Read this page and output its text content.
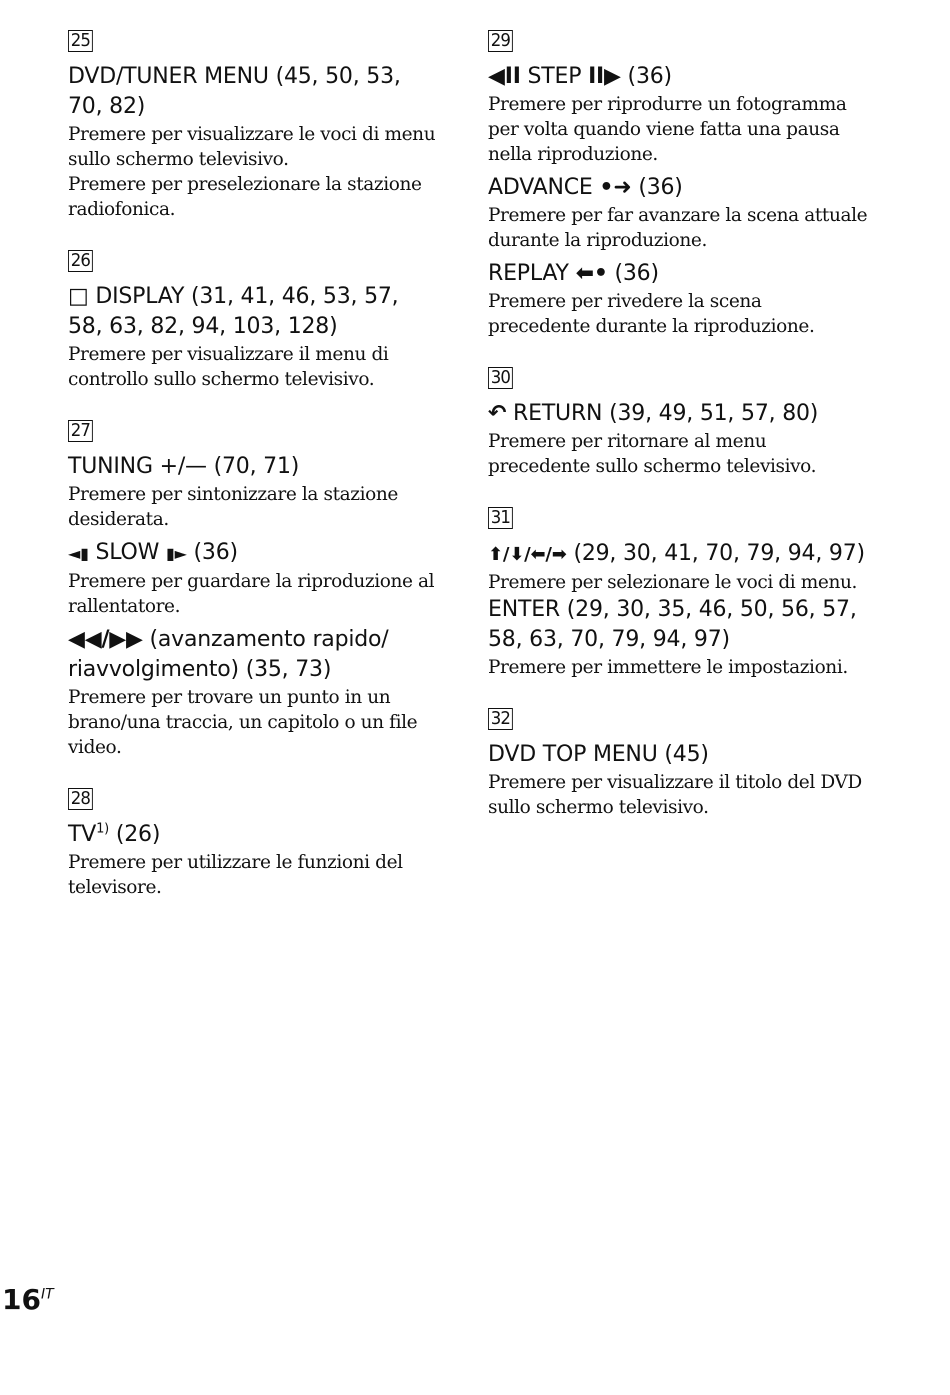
25

DVD/TUNER MENU (45, 50, 53, 70, 82)

Premere per visualizzare le voci di menu sullo schermo televisivo.

Premere per preselezionare la stazione radiofonica.

26

□ DISPLAY (31, 41, 46, 53, 57, 58, 63, 82, 94, 103, 128)

Premere per visualizzare il menu di controllo sullo schermo televisivo.

27

TUNING +/— (70, 71)

Premere per sintonizzare la stazione desiderata.

◄▮ SLOW ▮► (36)

Premere per guardare la riproduzione al rallentatore.

◀◀/▶▶ (avanzamento rapido/ riavvolgimento) (35, 73)

Premere per trovare un punto in un brano/una traccia, un capitolo o un file video.

28

TV$^{1)}$ (26)

Premere per utilizzare le funzioni del televisore.

29

◀II STEP II▶ (36)

Premere per riprodurre un fotogramma per volta quando viene fatta una pausa nella riproduzione.

ADVANCE •➜ (36)

Premere per far avanzare la scena attuale durante la riproduzione.

REPLAY ⬅• (36)

Premere per rivedere la scena precedente durante la riproduzione.

30

↶ RETURN (39, 49, 51, 57, 80)

Premere per ritornare al menu precedente sullo schermo televisivo.

31

⬆/⬇/⬅/➡ (29, 30, 41, 70, 79, 94, 97)

Premere per selezionare le voci di menu.

ENTER (29, 30, 35, 46, 50, 56, 57, 58, 63, 70, 79, 94, 97)

Premere per immettere le impostazioni.

32

DVD TOP MENU (45)

Premere per visualizzare il titolo del DVD sullo schermo televisivo.

$16^{IT}$
